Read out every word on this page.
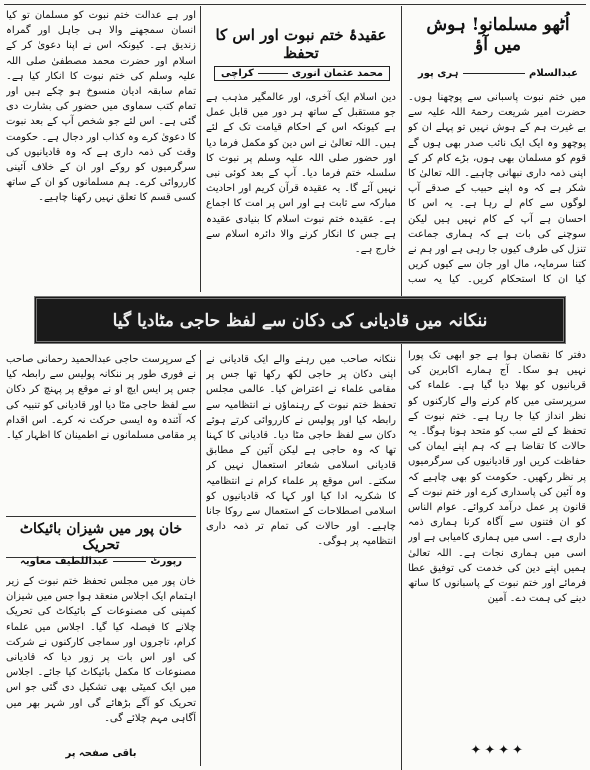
اُٹھو مسلمانو! ہوش میں آؤ
عبدالسلام
ہری پور
عقیدۂ ختم نبوت اور اس کا تحفظ
محمد عثمان انوری
کراچی
میں ختم نبوت پاسبانی سے پوچھنا ہوں۔ حضرت امیر شریعت رحمۃ اللہ علیہ سے بے غیرت ہم کے ہوش نہیں تو پہلے ان کو پوچھو وہ ایک ایک نائب صدر بھی ہوں گے قوم کو مسلمان بھی ہوں، بڑے کام کر کے اپنی ذمہ داری نبھانی چاہیے۔ اللہ تعالیٰ کا شکر ہے کہ وہ اپنے حبیب کے صدقے آپ لوگوں سے کام لے رہا ہے۔ یہ اس کا احسان ہے آپ کے کام نہیں ہیں لیکن سوچنے کی بات ہے کہ ہماری جماعت تنزل کی طرف کیوں جا رہی ہے اور ہم نے کتنا سرمایہ، مال اور جان سے کیوں کریں کیا ان کا استحکام کریں۔ کیا یہ سب
دفتر کا نقصان ہوا ہے جو ابھی تک پورا نہیں ہو سکا۔ آج ہمارے اکابرین کی قربانیوں کو بھلا دیا گیا ہے۔ علماء کی سرپرستی میں کام کرنے والے کارکنوں کو نظر انداز کیا جا رہا ہے۔ ختم نبوت کے تحفظ کے لئے سب کو متحد ہونا ہوگا۔ یہ حالات کا تقاضا ہے کہ ہم اپنے ایمان کی حفاظت کریں اور قادیانیوں کی سرگرمیوں پر نظر رکھیں۔ حکومت کو بھی چاہیے کہ وہ آئین کی پاسداری کرے اور ختم نبوت کے قانون پر عمل درآمد کروائے۔ عوام الناس کو ان فتنوں سے آگاہ کرنا ہماری ذمہ داری ہے۔ اسی میں ہماری کامیابی ہے اور اسی میں ہماری نجات ہے۔ اللہ تعالیٰ ہمیں اپنے دین کی خدمت کی توفیق عطا فرمائے اور ختم نبوت کے پاسبانوں کا ساتھ دینے کی ہمت دے۔ آمین
دین اسلام ایک آخری، اور عالمگیر مذہب ہے جو مستقبل کے ساتھ ہر دور میں قابل عمل ہے کیونکہ اس کے احکام قیامت تک کے لئے ہیں۔ اللہ تعالیٰ نے اس دین کو مکمل فرما دیا اور حضور صلی اللہ علیہ وسلم پر نبوت کا سلسلہ ختم فرما دیا۔ آپ کے بعد کوئی نبی نہیں آئے گا۔ یہ عقیدہ قرآن کریم اور احادیث مبارکہ سے ثابت ہے اور اس پر امت کا اجماع ہے۔ عقیدہ ختم نبوت اسلام کا بنیادی عقیدہ ہے جس کا انکار کرنے والا دائرہ اسلام سے خارج ہے۔
اور ہے عدالت ختم نبوت کو مسلمان تو کیا انسان سمجھنے والا ہی جاہل اور گمراہ زندیق ہے۔ کیونکہ اس نے اپنا دعویٰ کر کے اسلام اور حضرت محمد مصطفیٰ صلی اللہ علیہ وسلم کی ختم نبوت کا انکار کیا ہے۔ تمام سابقہ ادیان منسوخ ہو چکے ہیں اور تمام کتب سماوی میں حضور کی بشارت دی گئی ہے۔ اس لئے جو شخص آپ کے بعد نبوت کا دعویٰ کرے وہ کذاب اور دجال ہے۔ حکومت وقت کی ذمہ داری ہے کہ وہ قادیانیوں کی سرگرمیوں کو روکے اور ان کے خلاف آئینی کارروائی کرے۔ ہم مسلمانوں کو ان کے ساتھ کسی قسم کا تعلق نہیں رکھنا چاہیے۔
ننکانہ میں قادیانی کی دکان سے لفظ حاجی مٹادیا گیا
ننکانہ صاحب میں رہنے والے ایک قادیانی نے اپنی دکان پر حاجی لکھ رکھا تھا جس پر مقامی علماء نے اعتراض کیا۔ عالمی مجلس تحفظ ختم نبوت کے رہنماؤں نے انتظامیہ سے رابطہ کیا اور پولیس نے کارروائی کرتے ہوئے دکان سے لفظ حاجی مٹا دیا۔ قادیانی کا کہنا تھا کہ وہ حاجی ہے لیکن آئین کے مطابق قادیانی اسلامی شعائر استعمال نہیں کر سکتے۔ اس موقع پر علماء کرام نے انتظامیہ کا شکریہ ادا کیا اور کہا کہ قادیانیوں کو اسلامی اصطلاحات کے استعمال سے روکا جانا چاہیے۔ اور حالات کی تمام تر ذمہ داری انتظامیہ پر ہوگی۔
کے سرپرست حاجی عبدالحمید رحمانی صاحب نے فوری طور پر ننکانہ پولیس سے رابطہ کیا جس پر ایس ایچ او نے موقع پر پہنچ کر دکان سے لفظ حاجی مٹا دیا اور قادیانی کو تنبیہ کی کہ آئندہ وہ ایسی حرکت نہ کرے۔ اس اقدام پر مقامی مسلمانوں نے اطمینان کا اظہار کیا۔
خان پور میں شیزان بائیکاٹ تحریک
رپورٹ
عبداللطیف معاویہ
خان پور میں مجلس تحفظ ختم نبوت کے زیر اہتمام ایک اجلاس منعقد ہوا جس میں شیزان کمپنی کی مصنوعات کے بائیکاٹ کی تحریک چلانے کا فیصلہ کیا گیا۔ اجلاس میں علماء کرام، تاجروں اور سماجی کارکنوں نے شرکت کی اور اس بات پر زور دیا کہ قادیانی مصنوعات کا مکمل بائیکاٹ کیا جائے۔ اجلاس میں ایک کمیٹی بھی تشکیل دی گئی جو اس تحریک کو آگے بڑھائے گی اور شہر بھر میں آگاہی مہم چلائے گی۔
باقی صفحہ پر	✦✦✦✦
